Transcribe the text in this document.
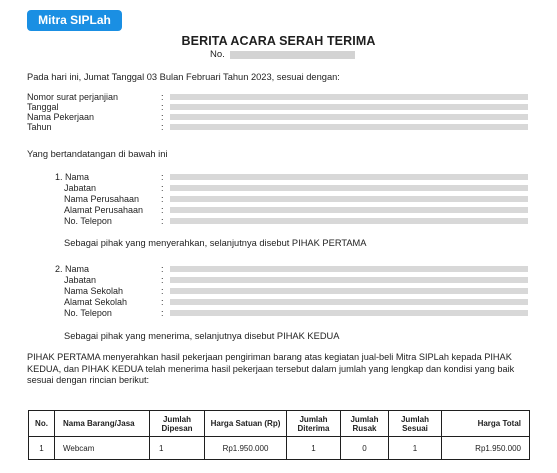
Mitra SIPLah
BERITA ACARA SERAH TERIMA
No.

Pada hari ini, Jumat Tanggal 03 Bulan Februari Tahun 2023, sesuai dengan:

Nomor surat perjanjian	:
Tanggal	:
Nama Pekerjaan	:
Tahun	:

Yang bertandatangan di bawah ini

1. Nama	:
Jabatan	:
Nama Perusahaan :
Alamat Perusahaan :
No. Telepon	:

Sebagai pihak yang menyerahkan, selanjutnya disebut PIHAK PERTAMA

2. Nama	:
Jabatan	:
Nama Sekolah	:
Alamat Sekolah	:
No. Telepon	:

Sebagai pihak yang menerima, selanjutnya disebut PIHAK KEDUA

PIHAK PERTAMA menyerahkan hasil pekerjaan pengiriman barang atas kegiatan jual-beli Mitra SIPLah kepada PIHAK KEDUA, dan PIHAK KEDUA telah menerima hasil pekerjaan tersebut dalam jumlah yang lengkap dan kondisi yang baik sesuai dengan rincian berikut:

No.	Nama Barang/Jasa	Jumlah Dipesan	Harga Satuan (Rp)	Jumlah Diterima	Jumlah Rusak	Jumlah Sesuai	Harga Total
1	Webcam	1	Rp1.950.000	1	0	1	Rp1.950.000
